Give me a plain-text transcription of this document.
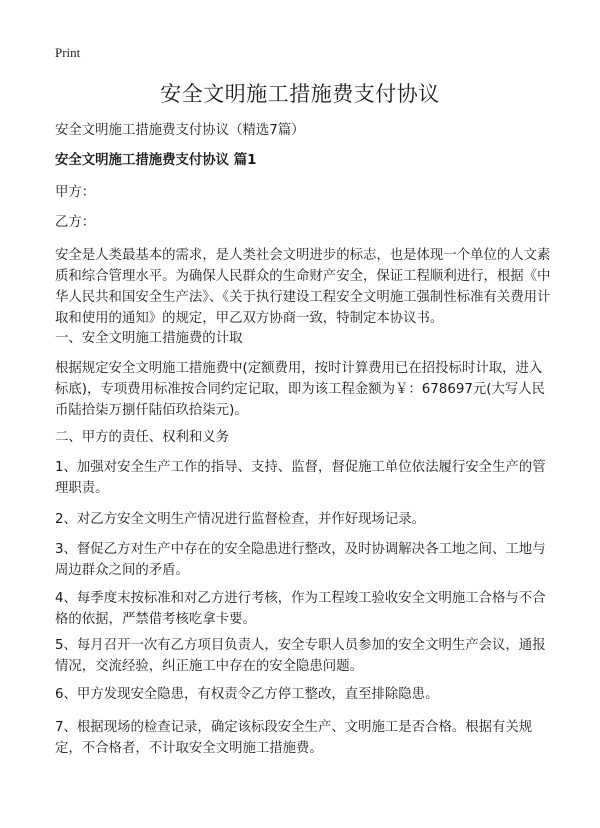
Print
安全文明施工措施费支付协议

安全文明施工措施费支付协议（精选7篇）

安全文明施工措施费支付协议 篇1

甲方：

乙方：

安全是人类最基本的需求，是人类社会文明进步的标志，也是体现一个单位的人文素质和综合管理水平。为确保人民群众的生命财产安全，保证工程顺利进行，根据《中华人民共和国安全生产法》、《关于执行建设工程安全文明施工强制性标准有关费用计取和使用的通知》的规定，甲乙双方协商一致，特制定本协议书。

一、安全文明施工措施费的计取

根据规定安全文明施工措施费中(定额费用，按时计算费用已在招投标时计取，进入标底)，专项费用标准按合同约定记取，即为该工程金额为￥：678697元(大写人民币陆拾柒万捌仟陆佰玖拾柒元)。

二、甲方的责任、权利和义务

1、加强对安全生产工作的指导、支持、监督，督促施工单位依法履行安全生产的管理职责。

2、对乙方安全文明生产情况进行监督检查，并作好现场记录。

3、督促乙方对生产中存在的安全隐患进行整改，及时协调解决各工地之间、工地与周边群众之间的矛盾。

4、每季度末按标准和对乙方进行考核，作为工程竣工验收安全文明施工合格与不合格的依据，严禁借考核吃拿卡要。

5、每月召开一次有乙方项目负责人，安全专职人员参加的安全文明生产会议，通报情况，交流经验，纠正施工中存在的安全隐患问题。

6、甲方发现安全隐患，有权责令乙方停工整改，直至排除隐患。

7、根据现场的检查记录，确定该标段安全生产、文明施工是否合格。根据有关规定，不合格者，不计取安全文明施工措施费。
